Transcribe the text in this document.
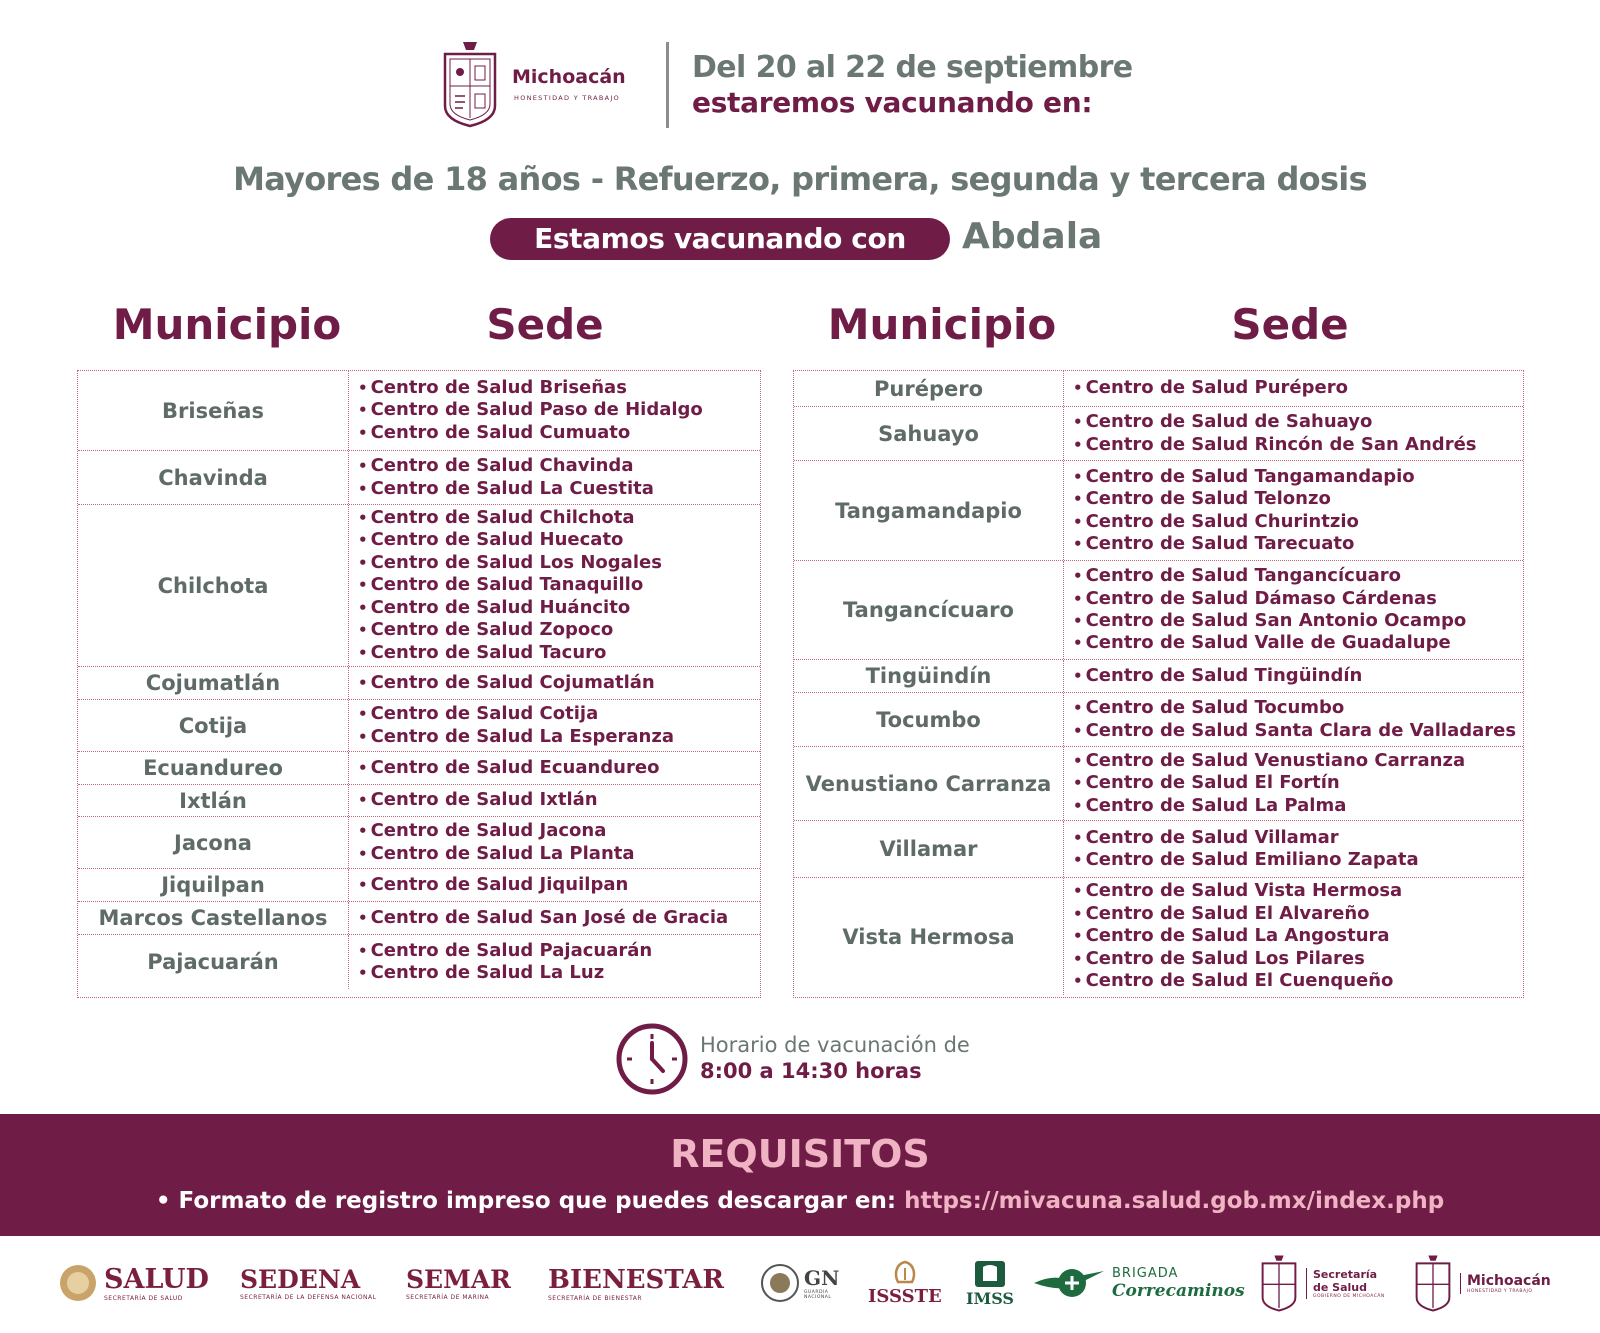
Michoacán
HONESTIDAD Y TRABAJO
Del 20 al 22 de septiembre
estaremos vacunando en:
Mayores de 18 años - Refuerzo, primera, segunda y tercera dosis
Estamos vacunando con	Abdala
Municipio	Sede	Municipio	Sede
Briseñas
• Centro de Salud Briseñas
• Centro de Salud Paso de Hidalgo
• Centro de Salud Cumuato
Chavinda	• Centro de Salud Chavinda
• Centro de Salud La Cuestita
Chilchota
• Centro de Salud Chilchota
• Centro de Salud Huecato
• Centro de Salud Los Nogales
• Centro de Salud Tanaquillo
• Centro de Salud Huáncito
• Centro de Salud Zopoco
• Centro de Salud Tacuro
Cojumatlán	• Centro de Salud Cojumatlán
Cotija	• Centro de Salud Cotija
• Centro de Salud La Esperanza
Ecuandureo	• Centro de Salud Ecuandureo
Ixtlán	• Centro de Salud Ixtlán
Jacona	• Centro de Salud Jacona
• Centro de Salud La Planta
Jiquilpan	• Centro de Salud Jiquilpan
Marcos Castellanos	• Centro de Salud San José de Gracia
Pajacuarán	• Centro de Salud Pajacuarán
• Centro de Salud La Luz
Purépero	• Centro de Salud Purépero
Sahuayo	• Centro de Salud de Sahuayo
• Centro de Salud Rincón de San Andrés
Tangamandapio
• Centro de Salud Tangamandapio
• Centro de Salud Telonzo
• Centro de Salud Churintzio
• Centro de Salud Tarecuato
Tangancícuaro
• Centro de Salud Tangancícuaro
• Centro de Salud Dámaso Cárdenas
• Centro de Salud San Antonio Ocampo
• Centro de Salud Valle de Guadalupe
Tingüindín	• Centro de Salud Tingüindín
Tocumbo	• Centro de Salud Tocumbo
• Centro de Salud Santa Clara de Valladares
Venustiano Carranza
• Centro de Salud Venustiano Carranza
• Centro de Salud El Fortín
• Centro de Salud La Palma
Villamar	• Centro de Salud Villamar
• Centro de Salud Emiliano Zapata
Vista Hermosa
• Centro de Salud Vista Hermosa
• Centro de Salud El Alvareño
• Centro de Salud La Angostura
• Centro de Salud Los Pilares
• Centro de Salud El Cuenqueño
Horario de vacunación de
8:00 a 14:30 horas
REQUISITOS
• Formato de registro impreso que puedes descargar en: https://mivacuna.salud.gob.mx/index.php
SALUD
SECRETARÍA DE SALUD
SEDENA
SECRETARÍA DE LA DEFENSA NACIONAL
SEMAR
SECRETARÍA DE MARINA
BIENESTAR
SECRETARÍA DE BIENESTAR
GN
GUARDIA NACIONAL	ISSSTE IMSS
BRIGADA
Correcaminos
Secretaría
de Salud
GOBIERNO DE MICHOACÁN
Michoacán
HONESTIDAD Y TRABAJO
